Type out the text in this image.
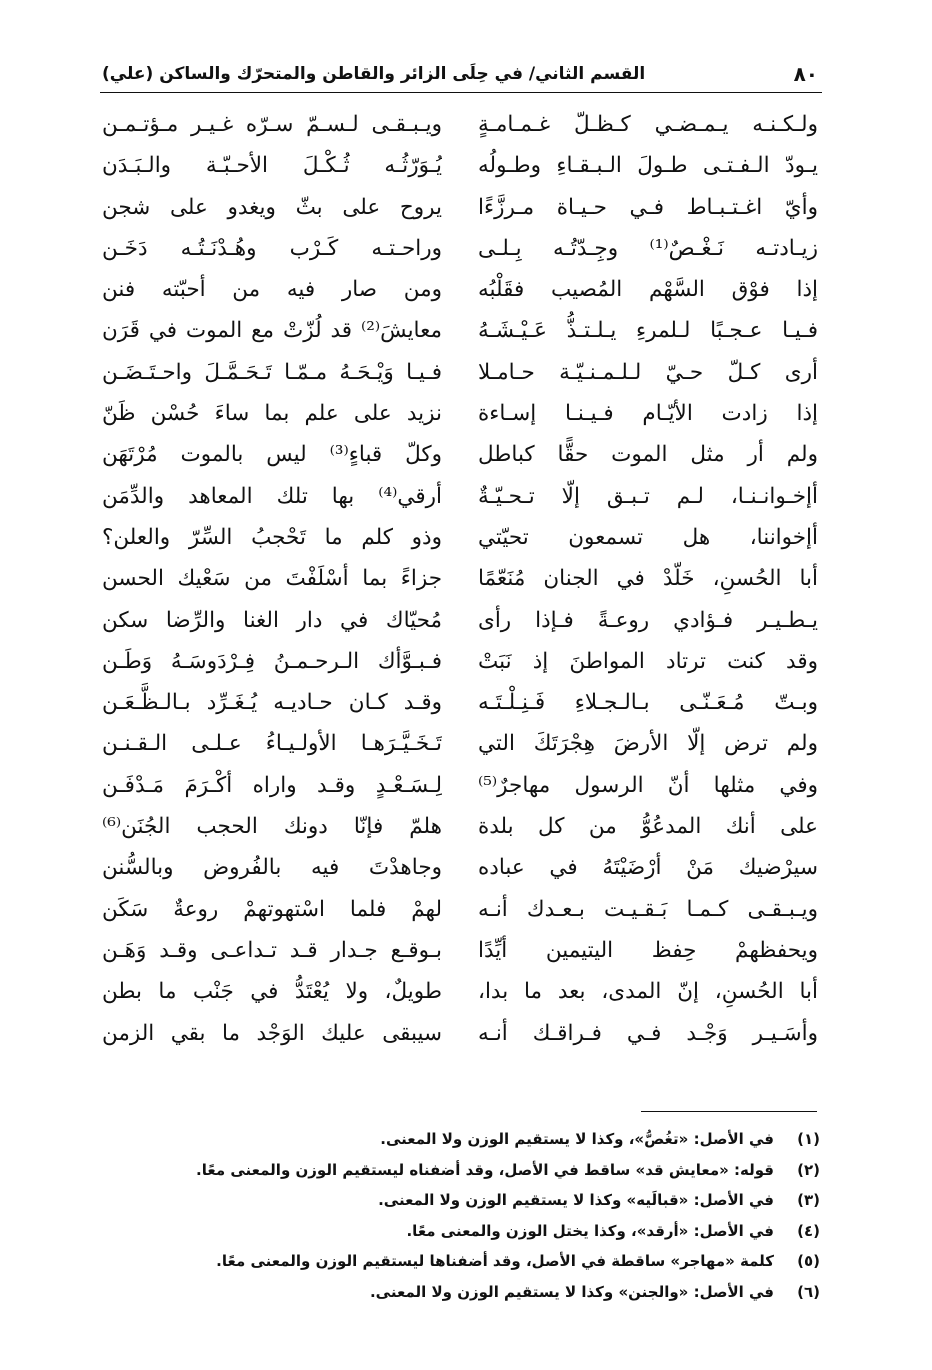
٨٠
القسم الثاني/ في حِلَى الزائر والقاطن والمتحرّك والساكن (علي)
ولـكـنـه يـمـضـي كـظـلّ غـمـامـةٍ
ويـبـقـى لـسـمّ سـرّه غـيـر مـؤتـمـن
يـودّ الـفـتـى طـولَ الـبـقـاءِ وطـولُه
يُـوَرّثُـه ثُـكْـلَ الأحـبّـة والـبَـدَن
وأيّ اغـتـبـاط فـي حـيـاة مـرزَّءًا
يروح على بثّ ويغدو على شجن
زيـادتـه نَـغْـصٌ⁽¹⁾ وجِـدّتُـه بِـلـى
وراحـتـه كَـرْب وهُـدْنَـتُـه دَخَـن
إذا فوْق السَّهْم المُصيب فقَلْبُه
ومن صار فيه من أحبّته فنن
فـيـا عـجـبًا لـلمرءِ يـلـتـذُّ عَـيْـشَـهُ
معايشَ⁽²⁾ قد لُزّتْ مع الموت في قَرَن
أرى كـلّ حـيّ لـلـمـنـيّـة حـامـلا
فـيـا وَيْـحَـهُ مـمّـا تَـحَـمَّـلَ واحـتَـضَـن
إذا زادت الأيّـام فـيـنـا إسـاءة
نزيد على علم بما ساءَ حُسْن ظَنّ
ولم أر مثل الموت حقًّا كباطل
وكلّ قباءٍ⁽³⁾ ليس بالموت مُرْتَهَن
أإخـوانـنـا، لـم تـبـق إلّا تـحـيّـةٌ
أرقي⁽⁴⁾ بها تلك المعاهد والدِّمَن
أإخواننا، هل تسمعون تحيّتي
وذو كلم ما تَحْجبُ السِّرّ والعلن؟
أبا الحُسنِ، خَلّدْ في الجنان مُنَعّمًا
جزاءً بما أسْلَفْتَ من سَعْيك الحسن
يـطـيـر فـؤادي روعـةً فـإذا رأى
مُحيّاك في دار الغنا والرِّضا سكن
وقد كنت ترتاد المواطنَ إذ نَبَتْ
فـبـوَّأك الـرحـمـنُ فِـرْدَوسَـهُ وَطَـن
وبـتّ مُـعَـنّـى بـالـجـلاءِ فَـنِـلْـتَـه
وقـد كـان حـاديـه يُـغَـرِّد بـالـظَّـعَـن
ولم ترض إلّا الأرضَ هِجْرَتَكَ التي
تَـخَـيَّـرَهـا الأولـيـاءُ عـلـى الـقـنـن
وفي مثلها أنّ الرسول مهاجرٌ⁽⁵⁾
لِـسَـعْـدٍ وقـد واراه أكْـرَمَ مَـدْفَـن
على أنك المدعُوُّ من كل بلدة
هلمّ فإنّا دونك الحجب الجُنَن⁽⁶⁾
سيرْضيك مَنْ أرْضَيْتَهُ في عباده
وجاهدْتَ فيه بالفُروض وبالسُّنن
ويـبـقـى كـمـا بَـقـيـت بـعـدك أنـه
لهمْ فلما اسْتهوتهمْ روعةٌ سَكَن
ويحفظهمْ حِفظ اليتيمين أيِّدًا
بـوقـع جـدار قـد تـداعـى وقـد وَهَـن
أبا الحُسنِ، إنّ المدى، بعد ما بدا،
طويلٌ، ولا يُعْتَدُّ في جَنْب ما بطن
وأسَـيـر وَجْـد فـي فـراقـك أنـه
سيبقى عليك الوَجْد ما بقي الزمن
(١)
في الأصل: «تغُصُّ»، وكذا لا يستقيم الوزن ولا المعنى.
(٢)
قوله: «معايش قد» ساقط في الأصل، وقد أضفناه ليستقيم الوزن والمعنى معًا.
(٣)
في الأصل: «قبالَيه» وكذا لا يستقيم الوزن ولا المعنى.
(٤)
في الأصل: «أرقد»، وكذا يختل الوزن والمعنى معًا.
(٥)
كلمة «مهاجر» ساقطة في الأصل، وقد أضفناها ليستقيم الوزن والمعنى معًا.
(٦)
في الأصل: «والجنن» وكذا لا يستقيم الوزن ولا المعنى.
